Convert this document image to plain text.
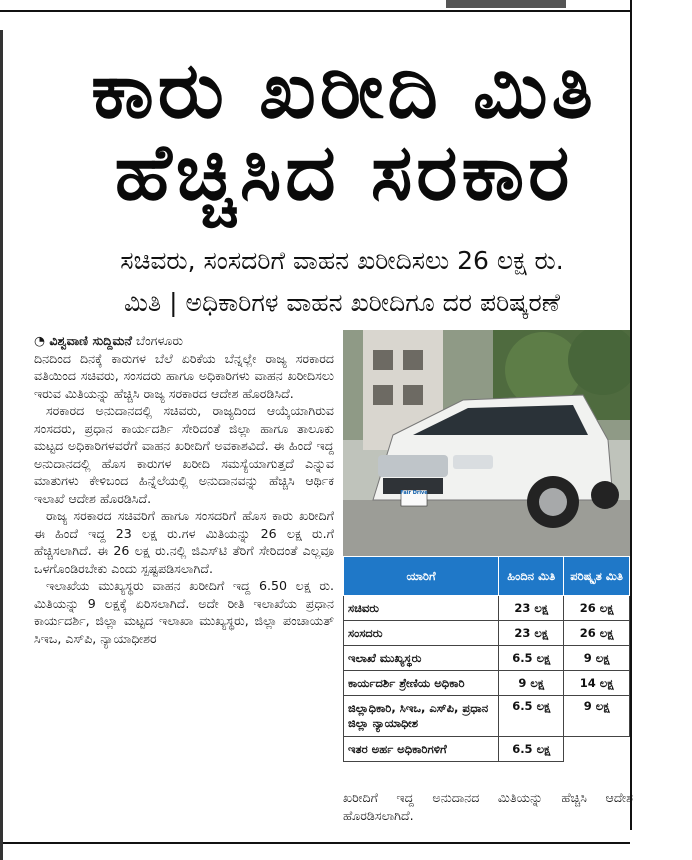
ಕಾರು ಖರೀದಿ ಮಿತಿ
ಹೆಚ್ಚಿಸಿದ ಸರಕಾರ
ಸಚಿವರು, ಸಂಸದರಿಗೆ ವಾಹನ ಖರೀದಿಸಲು 26 ಲಕ್ಷ ರು.
ಮಿತಿ | ಅಧಿಕಾರಿಗಳ ವಾಹನ ಖರೀದಿಗೂ ದರ ಪರಿಷ್ಕರಣೆ
◔ ವಿಶ್ವವಾಣಿ ಸುದ್ದಿಮನೆ ಬೆಂಗಳೂರು

ದಿನದಿಂದ ದಿನಕ್ಕೆ ಕಾರುಗಳ ಬೆಲೆ ಏರಿಕೆಯ ಬೆನ್ನಲ್ಲೇ ರಾಜ್ಯ ಸರಕಾರದ ವತಿಯಿಂದ ಸಚಿವರು, ಸಂಸದರು ಹಾಗೂ ಅಧಿಕಾರಿಗಳು ವಾಹನ ಖರೀದಿಸಲು ಇರುವ ಮಿತಿಯನ್ನು ಹೆಚ್ಚಿಸಿ ರಾಜ್ಯ ಸರಕಾರದ ಆದೇಶ ಹೊರಡಿಸಿದೆ.

ಸರಕಾರದ ಅನುದಾನದಲ್ಲಿ ಸಚಿವರು, ರಾಜ್ಯದಿಂದ ಆಯ್ಕೆಯಾಗಿರುವ ಸಂಸದರು, ಪ್ರಧಾನ ಕಾರ್ಯದರ್ಶಿ ಸೇರಿದಂತೆ ಜಿಲ್ಲಾ ಹಾಗೂ ತಾಲೂಕು ಮಟ್ಟದ ಅಧಿಕಾರಿಗಳವರೆಗೆ ವಾಹನ ಖರೀದಿಗೆ ಅವಕಾಶವಿದೆ. ಈ ಹಿಂದೆ ಇದ್ದ ಅನುದಾನದಲ್ಲಿ ಹೊಸ ಕಾರುಗಳ ಖರೀದಿ ಸಮಸ್ಯೆಯಾಗುತ್ತದೆ ಎನ್ನುವ ಮಾತುಗಳು ಕೇಳಿಬಂದ ಹಿನ್ನೆಲೆಯಲ್ಲಿ ಅನುದಾನವನ್ನು ಹೆಚ್ಚಿಸಿ ಆರ್ಥಿಕ ಇಲಾಖೆ ಆದೇಶ ಹೊರಡಿಸಿದೆ.

ರಾಜ್ಯ ಸರಕಾರದ ಸಚಿವರಿಗೆ ಹಾಗೂ ಸಂಸದರಿಗೆ ಹೊಸ ಕಾರು ಖರೀದಿಗೆ ಈ ಹಿಂದೆ ಇದ್ದ 23 ಲಕ್ಷ ರು.ಗಳ ಮಿತಿಯನ್ನು 26 ಲಕ್ಷ ರು.ಗೆ ಹೆಚ್ಚಿಸಲಾಗಿದೆ. ಈ 26 ಲಕ್ಷ ರು.ನಲ್ಲಿ ಜಿಎಸ್‌ಟಿ ತೆರಿಗೆ ಸೇರಿದಂತೆ ಎಲ್ಲವೂ ಒಳಗೊಂಡಿರಬೇಕು ಎಂದು ಸ್ಪಷ್ಟಪಡಿಸಲಾಗಿದೆ.

ಇಲಾಖೆಯ ಮುಖ್ಯಸ್ಥರು ವಾಹನ ಖರೀದಿಗೆ ಇದ್ದ 6.50 ಲಕ್ಷ ರು. ಮಿತಿಯನ್ನು 9 ಲಕ್ಷಕ್ಕೆ ಏರಿಸಲಾಗಿದೆ. ಅದೇ ರೀತಿ ಇಲಾಖೆಯ ಪ್ರಧಾನ ಕಾರ್ಯದರ್ಶಿ, ಜಿಲ್ಲಾ ಮಟ್ಟದ ಇಲಾಖಾ ಮುಖ್ಯಸ್ಥರು, ಜಿಲ್ಲಾ ಪಂಚಾಯತ್ ಸಿಇಒ, ಎಸ್‌ಪಿ, ನ್ಯಾಯಾಧೀಶರ

Fair Drive
ಯಾರಿಗೆ	ಹಿಂದಿನ ಮಿತಿ	ಪರಿಷ್ಕೃತ ಮಿತಿ
ಸಚಿವರು	23 ಲಕ್ಷ	26 ಲಕ್ಷ
ಸಂಸದರು	23 ಲಕ್ಷ	26 ಲಕ್ಷ
ಇಲಾಖೆ ಮುಖ್ಯಸ್ಥರು	6.5 ಲಕ್ಷ	9 ಲಕ್ಷ
ಕಾರ್ಯದರ್ಶಿ ಶ್ರೇಣಿಯ ಅಧಿಕಾರಿ	9 ಲಕ್ಷ	14 ಲಕ್ಷ
ಜಿಲ್ಲಾಧಿಕಾರಿ, ಸಿಇಒ, ಎಸ್‌ಪಿ, ಪ್ರಧಾನ ಜಿಲ್ಲಾ ನ್ಯಾಯಾಧೀಶ	6.5 ಲಕ್ಷ	9 ಲಕ್ಷ
ಇತರ ಅರ್ಹ ಅಧಿಕಾರಿಗಳಿಗೆ	6.5 ಲಕ್ಷ	
ಖರೀದಿಗೆ ಇದ್ದ ಅನುದಾನದ ಮಿತಿಯನ್ನು ಹೆಚ್ಚಿಸಿ ಆದೇಶ ಹೊರಡಿಸಲಾಗಿದೆ.
